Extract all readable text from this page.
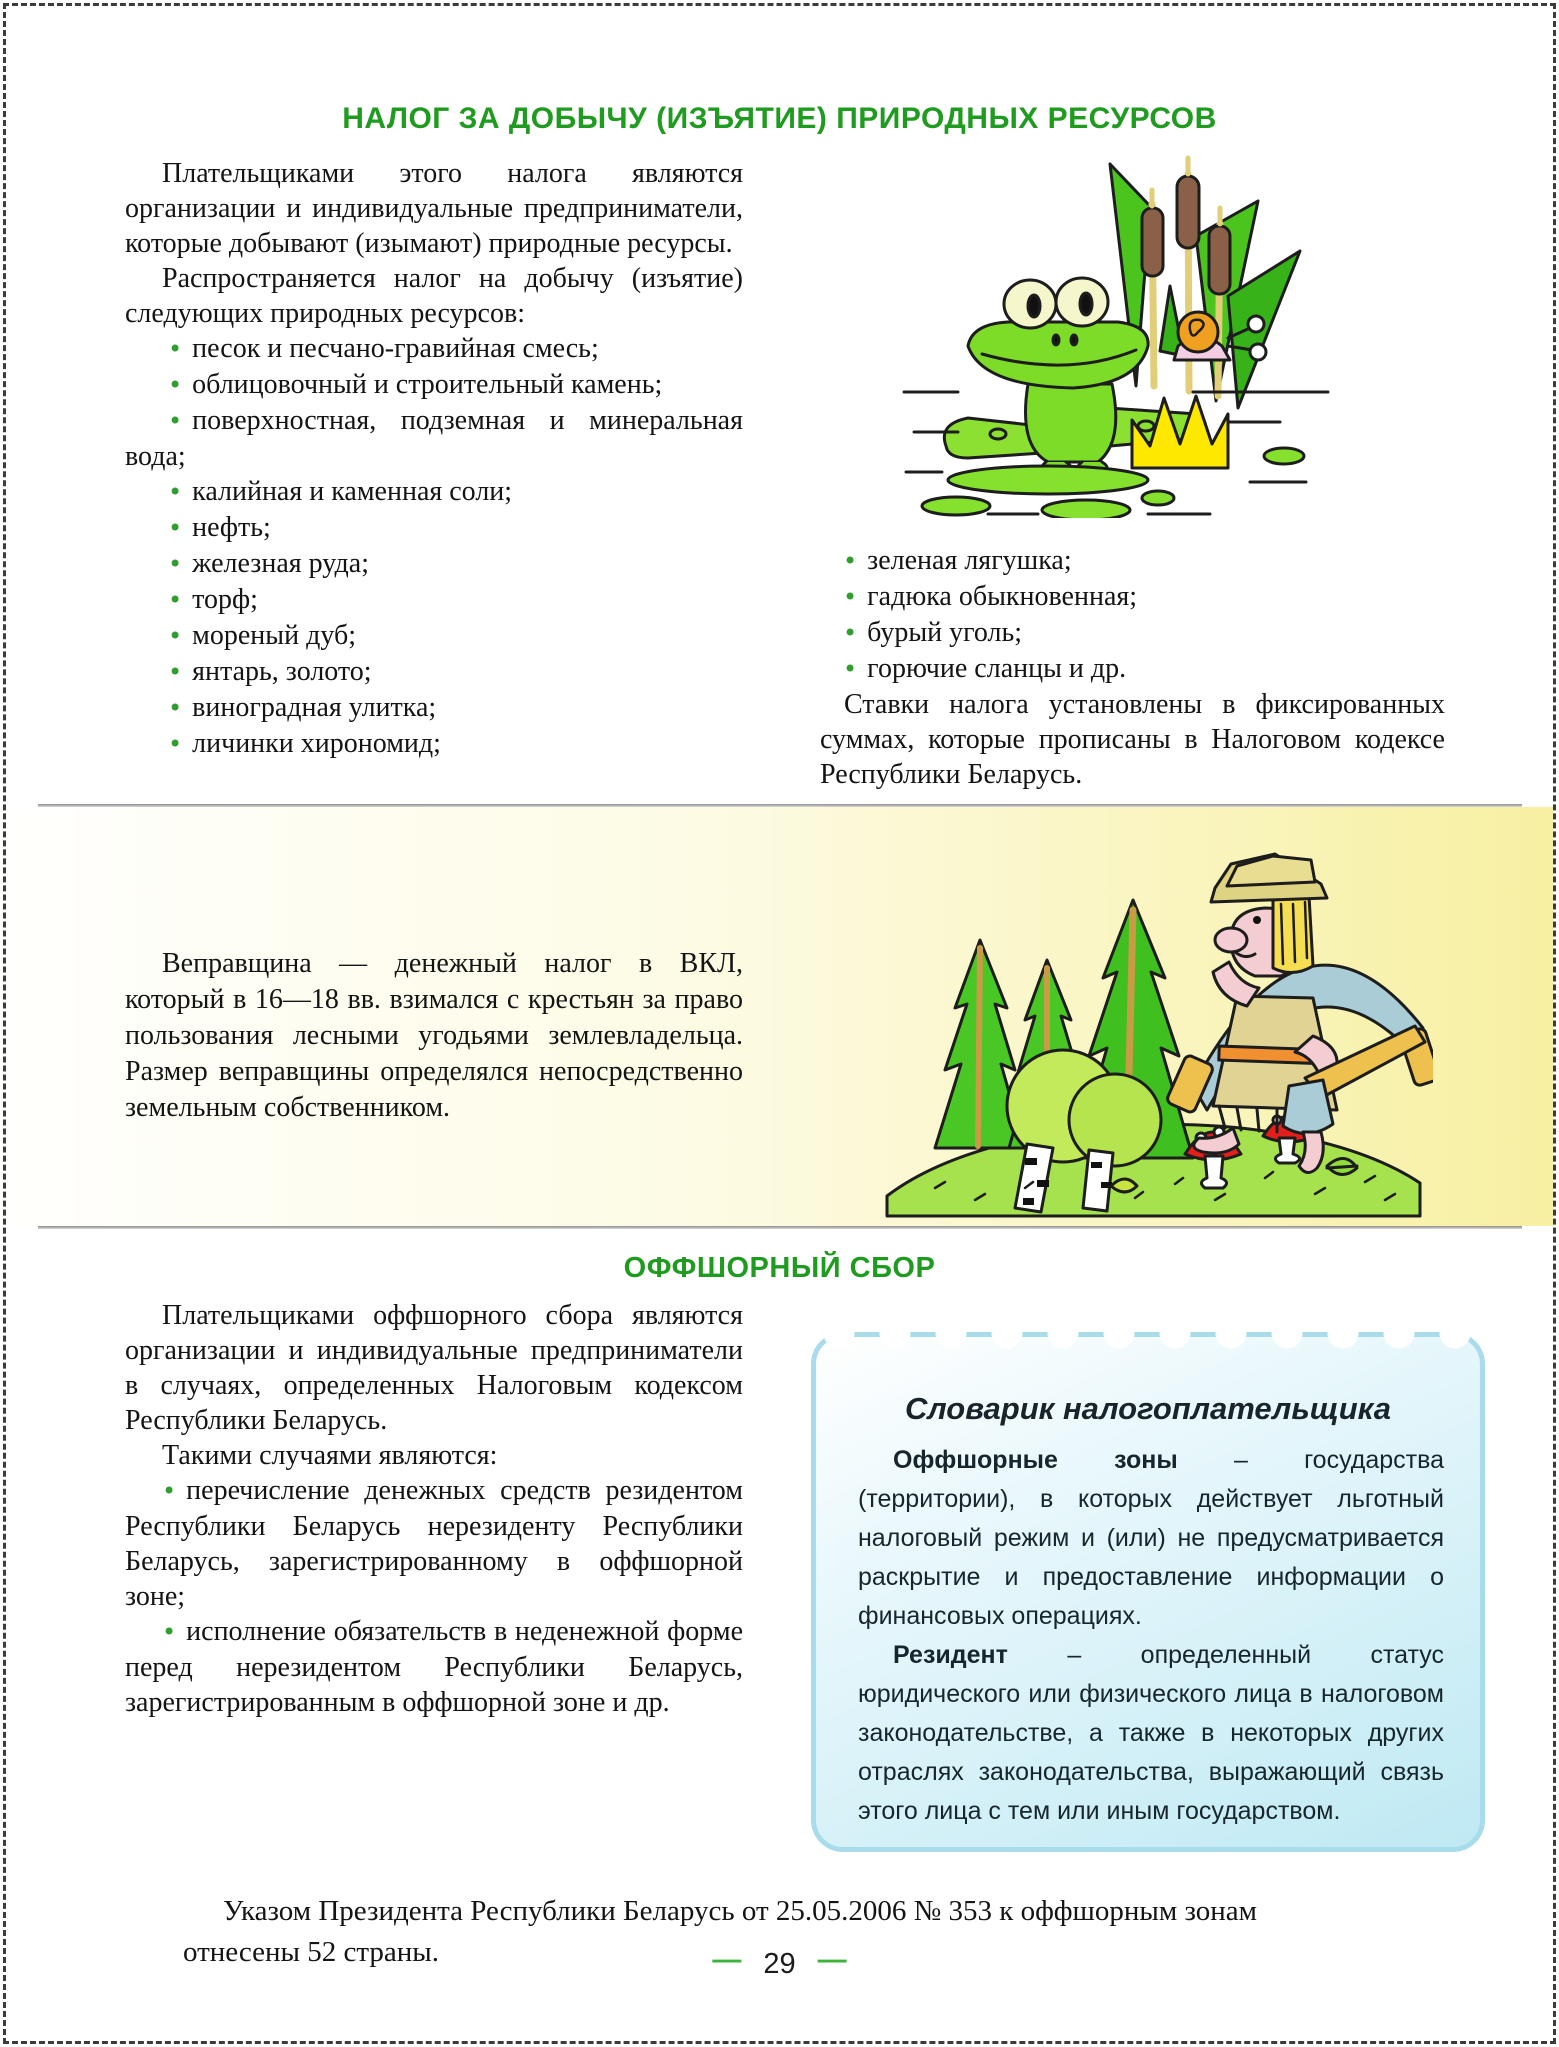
НАЛОГ ЗА ДОБЫЧУ (ИЗЪЯТИЕ) ПРИРОДНЫХ РЕСУРСОВ

Плательщиками этого налога являются организации и индивидуальные предприниматели, которые добывают (изымают) природные ресурсы.

Распространяется налог на добычу (изъятие) следующих природных ресурсов:

• песок и песчано-гравийная смесь;
• облицовочный и строительный камень;
• поверхностная, подземная и минеральная вода;
• калийная и каменная соли;
• нефть;
• железная руда;
• торф;
• мореный дуб;
• янтарь, золото;
• виноградная улитка;
• личинки хирономид;
• зеленая лягушка;
• гадюка обыкновенная;
• бурый уголь;
• горючие сланцы и др.

Ставки налога установлены в фиксированных суммах, которые прописаны в Налоговом кодексе Республики Беларусь.

Веправщина — денежный налог в ВКЛ, который в 16—18 вв. взимался с крестьян за право пользования лесными угодьями землевладельца. Размер веправщины определялся непосредственно земельным собственником.

ОФФШОРНЫЙ СБОР

Плательщиками оффшорного сбора являются организации и индивидуальные предприниматели в случаях, определенных Налоговым кодексом Республики Беларусь.

Такими случаями являются:

• перечисление денежных средств резидентом Республики Беларусь нерезиденту Республики Беларусь, зарегистрированному в оффшорной зоне;
• исполнение обязательств в неденежной форме перед нерезидентом Республики Беларусь, зарегистрированным в оффшорной зоне и др.
Словарик налогоплательщика

Оффшорные зоны – государства (территории), в которых действует льготный налоговый режим и (или) не предусматривается раскрытие и предоставление информации о финансовых операциях.

Резидент – определенный статус юридического или физического лица в налоговом законодательстве, а также в некоторых других отраслях законодательства, выражающий связь этого лица с тем или иным государством.

Указом Президента Республики Беларусь от 25.05.2006 № 353 к оффшорным зонам отнесены 52 страны.	— 29 —
